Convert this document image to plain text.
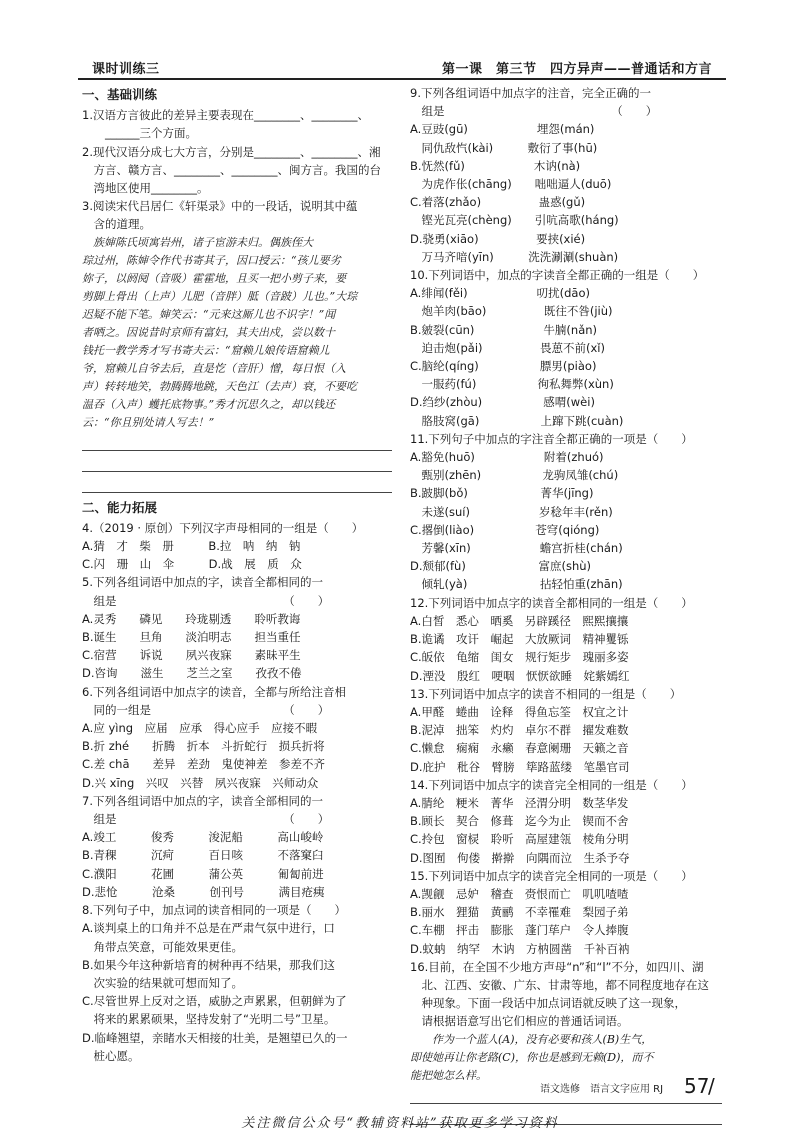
课时训练三	第一课　第三节　四方异声——普通话和方言
一、基础训练
1.汉语方言彼此的差异主要表现在________、________、
　　______三个方面。
2.现代汉语分成七大方言，分别是________、________、湘
　方言、赣方言、________、________、闽方言。我国的台
　湾地区使用________。
3.阅读宋代吕居仁《轩渠录》中的一段话，说明其中蕴
　含的道理。
　族婶陈氏顷寓岩州，诸子宦游未归。偶族侄大
琮过州，陈婶令作代书寄其子，因口授云：“孩儿要劣
妳子，以阏阋（音吸）霍霍地，且买一把小剪子来，要
剪脚上骨出（上声）儿肥（音胖）胝（音跛）儿也。”大琮
迟疑不能下笔。婶笑云：“元来这厮儿也不识字！”闻
者哂之。因说昔时京师有富妇，其夫出戍，尝以数十
钱托一教学秀才写书寄夫云：“窟赖儿娘传语窟赖儿
爷，窟赖儿自爷去后，直是忔（音肝）憎，每日恨（入
声）转转地笑，勃腾腾地跳，天色江（去声）衰，不要吃
温吞（入声）蠖托底物事。”秀才沉思久之，却以钱还
云：“你且别处请人写去！”
二、能力拓展
4.（2019 · 原创）下列汉字声母相同的一组是（　　）
A.猜　才　柴　册　　　B.拉　呐　纳　钠
C.闪　珊　山　伞　　　D.战　展　质　众
5.下列各组词语中加点的字，读音全都相同的一
　组是　　　　　　　　　　　　　　　（　　）
A.灵秀　　磷见　　玲珑剔透　　聆听教诲
B.诞生　　旦角　　淡泊明志　　担当重任
C.宿营　　诉说　　夙兴夜寐　　素昧平生
D.咨询　　滋生　　芝兰之室　　孜孜不倦
6.下列各组词语中加点字的读音，全都与所给注音相
　同的一组是　　　　　　　　　　　　（　　）
A.应 yìng　应届　应承　得心应手　应接不暇
B.折 zhé　　折腾　折本　斗折蛇行　损兵折将
C.差 chā　　差异　差劲　鬼使神差　参差不齐
D.兴 xīng　兴叹　兴替　夙兴夜寐　兴师动众
7.下列各组词语中加点的字，读音全部相同的一
　组是　　　　　　　　　　　　　　　（　　）
A.竣工　　　俊秀　　　浚泥船　　　高山峻岭
B.青稞　　　沉疴　　　百日咳　　　不落窠臼
C.濮阳　　　花圃　　　蒲公英　　　匍匐前进
D.悲怆　　　沧桑　　　创刊号　　　满目疮痍
8.下列句子中，加点词的读音相同的一项是（　　）
A.谈判桌上的口角并不总是在严肃气氛中进行，口
　角带点笑意，可能效果更佳。
B.如果今年这种新培育的树种再不结果，那我们这
　次实验的结果就可想而知了。
C.尽管世界上反对之语，威胁之声累累，但朝鲜为了
　将来的累累硕果，坚持发射了“光明二号”卫星。
D.临峰翘望，亲睹水天相接的壮美，是翘望已久的一
　桩心愿。
9.下列各组词语中加点字的注音，完全正确的一
　组是　　　　　　　　　　　　　　　（　　）
A.豆豉(gū)　　　　　　埋怨(mán)
　同仇敌忾(kài)　　　敷衍了事(hū)
B.怃然(fǔ)　　　　　　木讷(nà)
　为虎作伥(chāng)　　咄咄逼人(duō)
C.着落(zhǎo)　　　　　蛊惑(gǔ)
　铿光瓦亮(chèng)　　引吭高歌(háng)
D.骁勇(xiāo)　　　　　要挟(xié)
　万马齐喑(yīn)　　　洗洗涮涮(shuàn)
10.下列词语中，加点的字读音全都正确的一组是（　　）
A.绯闻(fěi)　　　　　　叨扰(dāo)
　炮羊肉(bāo)　　　　　既往不咎(jiù)
B.皴裂(cūn)　　　　　　牛腩(nǎn)
　迫击炮(pǎi)　　　　　畏葸不前(xǐ)
C.脑纶(qíng)　　　　　 膘男(piào)
　一服药(fú)　　　　　 徇私舞弊(xùn)
D.绉纱(zhòu)　　　　　 感喟(wèi)
　胳肢窝(gā)　　　　　 上蹿下跳(cuàn)
11.下列句子中加点的字注音全都正确的一项是（　　）
A.豁免(huō)　　　　　　附着(zhuó)
　甄别(zhēn)　　　　　 龙驹凤雏(chú)
B.跛脚(bǒ)　　　　　　 菁华(jīng)
　未遂(suí)　　　　　　岁稔年丰(rěn)
C.撂倒(liào)　　　　　 苍穹(qióng)
　芳馨(xīn)　　　　　　蟾宫折桂(chán)
D.颓郁(fù)　　　　　　 富庶(shù)
　倾轧(yà)　　　　　　 拈轻怕重(zhān)
12.下列词语中加点字的读音全都相同的一组是（　　）
A.白皙　悉心　晒奚　另辟蹊径　熙熙攘攘
B.诡谲　攻讦　崛起　大放厥词　精神矍铄
C.皈依　龟缩　闺女　规行矩步　瑰丽多姿
D.湮没　殷红　哽咽　恹恹欲睡　姹紫嫣红
13.下列词语中加点字的读音不相同的一组是（　　）
A.甲醛　蜷曲　诠释　得鱼忘筌　权宜之计
B.泥淖　拙笨　灼灼　卓尔不群　擢发难数
C.懒怠　痫痫　永癞　春意阑珊　天籁之音
D.庇护　秕谷　臂膀　筚路蓝缕　笔墨官司
14.下列词语中加点字的读音完全相同的一组是（　　）
A.腈纶　粳米　菁华　泾渭分明　数茎华发
B.顾长　契合　修葺　迄今为止　锲而不舍
C.拎包　窗棂　聆听　高屋建瓴　棱角分明
D.图囿　佝偻　擀擀　向隅而泣　生杀予夺
15.下列词语中加点字的读音完全相同的一项是（　　）
A.觊觎　忌妒　稽查　赍恨而亡　叽叽喳喳
B.丽水　狸猫　黄鹂　不幸罹难　梨园子弟
C.车棚　抨击　膨胀　蓬门荜户　令人捧腹
D.蚊蚋　纳罕　木讷　方枘圆凿　千补百衲
16.目前，在全国不少地方声母“n”和“l”不分，如四川、湖
　北、江西、安徽、广东、甘肃等地，都不同程度地存在这
　种现象。下面一段话中加点词语就反映了这一现象，
　请根据语意写出它们相应的普通话词语。
　　作为一个蓝人(A)，没有必要和孩人(B)生气，
即使她再让你老路(C)，你也是感到无赖(D)，而不
能把她怎么样。
语文选修　语言文字应用 RJ 57
/
关注微信公众号“教辅资料站”获取更多学习资料
